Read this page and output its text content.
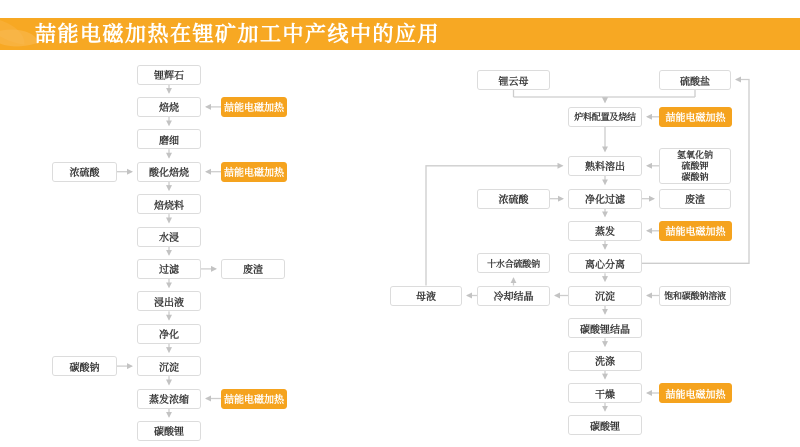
喆能电磁加热在锂矿加工中产线中的应用
锂辉石
焙烧
磨细
酸化焙烧
焙烧料
水浸
过滤
浸出液
净化
沉淀
蒸发浓缩
碳酸锂
浓硫酸
碳酸钠
废渣
喆能电磁加热
喆能电磁加热
喆能电磁加热
锂云母	硫酸盐
炉料配置及烧结
熟料溶出
净化过滤
蒸发
离心分离
沉淀
碳酸锂结晶
洗涤
干燥
碳酸锂
氢氧化钠
硫酸钾
碳酸钠
浓硫酸	废渣
十水合硫酸钠
冷却结晶
母液	饱和碳酸钠溶液
喆能电磁加热
喆能电磁加热
喆能电磁加热
